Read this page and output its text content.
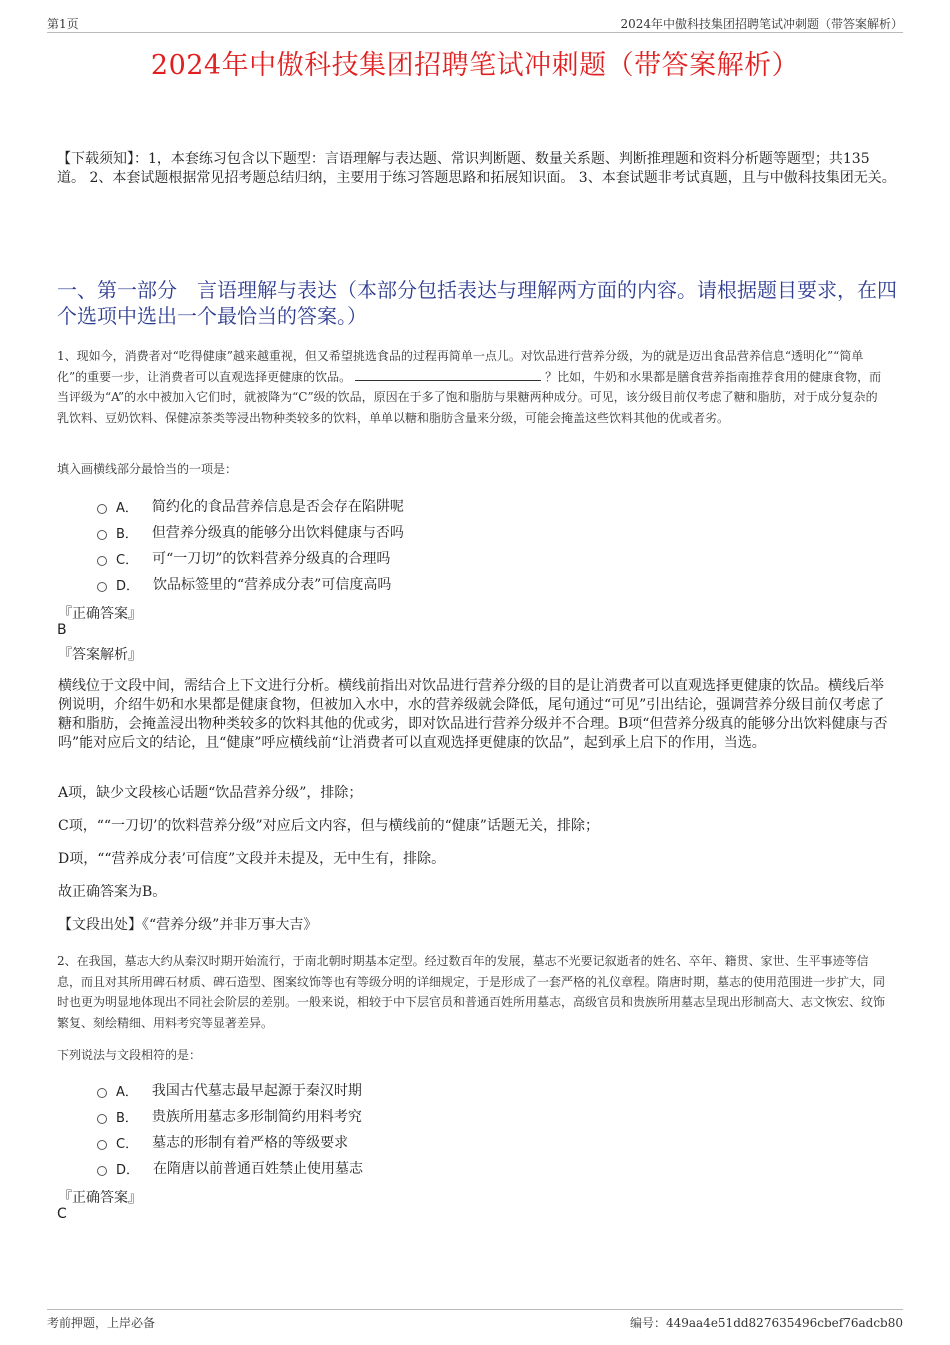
第1页	2024年中傲科技集团招聘笔试冲刺题（带答案解析）
2024年中傲科技集团招聘笔试冲刺题（带答案解析）
【下载须知】：1，本套练习包含以下题型：言语理解与表达题、常识判断题、数量关系题、判断推理题和资料分析题等题型；共135道。 2、本套试题根据常见招考题总结归纳，主要用于练习答题思路和拓展知识面。 3、本套试题非考试真题，且与中傲科技集团无关。
一、第一部分　言语理解与表达（本部分包括表达与理解两方面的内容。请根据题目要求，在四个选项中选出一个最恰当的答案。）
1、现如今，消费者对“吃得健康”越来越重视，但又希望挑选食品的过程再简单一点儿。对饮品进行营养分级，为的就是迈出食品营养信息“透明化”“简单化”的重要一步，让消费者可以直观选择更健康的饮品。	？比如，牛奶和水果都是膳食营养指南推荐食用的健康食物，而当评级为“A”的水中被加入它们时，就被降为“C”级的饮品，原因在于多了饱和脂肪与果糖两种成分。可见，该分级目前仅考虑了糖和脂肪，对于成分复杂的乳饮料、豆奶饮料、保健凉茶类等浸出物种类较多的饮料，单单以糖和脂肪含量来分级，可能会掩盖这些饮料其他的优或者劣。
填入画横线部分最恰当的一项是：
A． 简约化的食品营养信息是否会存在陷阱呢
B． 但营养分级真的能够分出饮料健康与否吗
C． 可“一刀切”的饮料营养分级真的合理吗
D． 饮品标签里的“营养成分表”可信度高吗
『正确答案』
B
『答案解析』
横线位于文段中间，需结合上下文进行分析。横线前指出对饮品进行营养分级的目的是让消费者可以直观选择更健康的饮品。横线后举例说明，介绍牛奶和水果都是健康食物，但被加入水中，水的营养级就会降低，尾句通过“可见”引出结论，强调营养分级目前仅考虑了糖和脂肪，会掩盖浸出物种类较多的饮料其他的优或劣，即对饮品进行营养分级并不合理。B项“但营养分级真的能够分出饮料健康与否吗”能对应后文的结论，且“健康”呼应横线前“让消费者可以直观选择更健康的饮品”，起到承上启下的作用，当选。
A项，缺少文段核心话题“饮品营养分级”，排除；
C项，““一刀切’的饮料营养分级”对应后文内容，但与横线前的“健康”话题无关，排除；
D项，““营养成分表’可信度”文段并未提及，无中生有，排除。
故正确答案为B。
【文段出处】《“营养分级”并非万事大吉》
2、在我国，墓志大约从秦汉时期开始流行，于南北朝时期基本定型。经过数百年的发展，墓志不光要记叙逝者的姓名、卒年、籍贯、家世、生平事迹等信息，而且对其所用碑石材质、碑石造型、图案纹饰等也有等级分明的详细规定，于是形成了一套严格的礼仪章程。隋唐时期，墓志的使用范围进一步扩大，同时也更为明显地体现出不同社会阶层的差别。一般来说，相较于中下层官员和普通百姓所用墓志，高级官员和贵族所用墓志呈现出形制高大、志文恢宏、纹饰繁复、刻绘精细、用料考究等显著差异。
下列说法与文段相符的是：
A． 我国古代墓志最早起源于秦汉时期
B． 贵族所用墓志多形制简约用料考究
C． 墓志的形制有着严格的等级要求
D． 在隋唐以前普通百姓禁止使用墓志
『正确答案』
C
考前押题，上岸必备	编号：449aa4e51dd827635496cbef76adcb80
